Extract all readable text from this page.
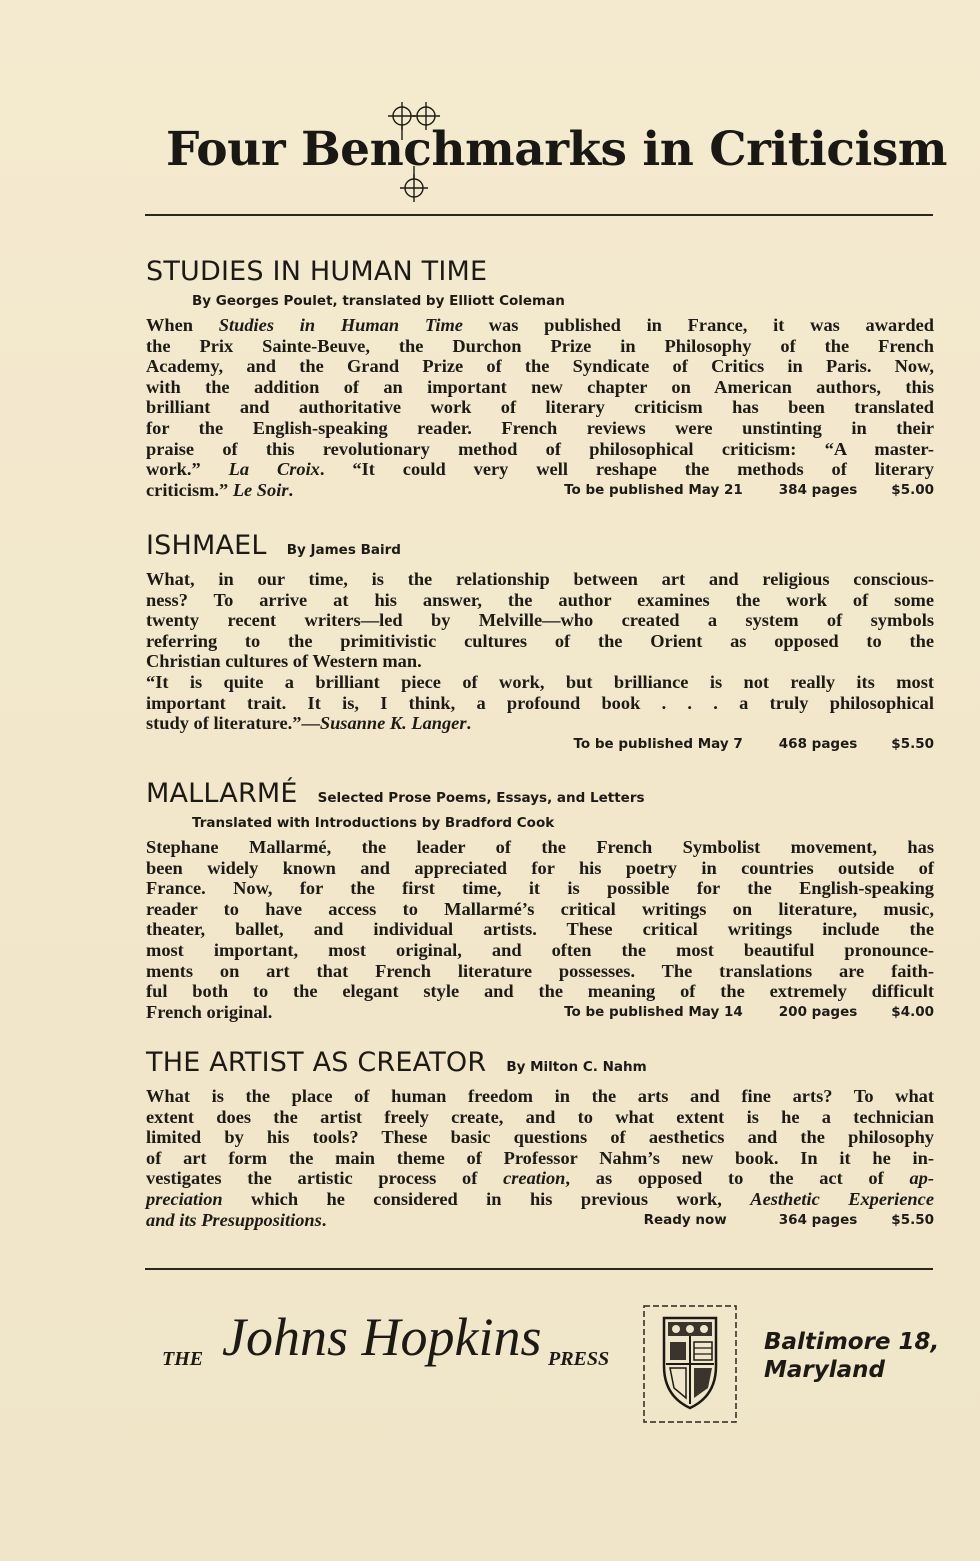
Four Benchmarks in Criticism
STUDIES IN HUMAN TIME
By Georges Poulet, translated by Elliott Coleman
When Studies in Human Time was published in France, it was awarded
the Prix Sainte-Beuve, the Durchon Prize in Philosophy of the French
Academy, and the Grand Prize of the Syndicate of Critics in Paris. Now,
with the addition of an important new chapter on American authors, this
brilliant and authoritative work of literary criticism has been translated
for the English-speaking reader. French reviews were unstinting in their
praise of this revolutionary method of philosophical criticism: “A master-
work.” La Croix. “It could very well reshape the methods of literary
criticism.” Le Soir.	To be published May 21	384 pages	$5.00
ISHMAEL By James Baird
What, in our time, is the relationship between art and religious conscious-
ness? To arrive at his answer, the author examines the work of some
twenty recent writers—led by Melville—who created a system of symbols
referring to the primitivistic cultures of the Orient as opposed to the
Christian cultures of Western man.
“It is quite a brilliant piece of work, but brilliance is not really its most
important trait. It is, I think, a profound book . . . a truly philosophical
study of literature.”—Susanne K. Langer.
To be published May 7	468 pages	$5.50
MALLARMÉ Selected Prose Poems, Essays, and Letters
Translated with Introductions by Bradford Cook
Stephane Mallarmé, the leader of the French Symbolist movement, has
been widely known and appreciated for his poetry in countries outside of
France. Now, for the first time, it is possible for the English-speaking
reader to have access to Mallarmé’s critical writings on literature, music,
theater, ballet, and individual artists. These critical writings include the
most important, most original, and often the most beautiful pronounce-
ments on art that French literature possesses. The translations are faith-
ful both to the elegant style and the meaning of the extremely difficult
French original.	To be published May 14	200 pages	$4.00
THE ARTIST AS CREATOR By Milton C. Nahm
What is the place of human freedom in the arts and fine arts? To what
extent does the artist freely create, and to what extent is he a technician
limited by his tools? These basic questions of aesthetics and the philosophy
of art form the main theme of Professor Nahm’s new book. In it he in-
vestigates the artistic process of creation, as opposed to the act of ap-
preciation which he considered in his previous work, Aesthetic Experience
and its Presuppositions.	Ready now	364 pages	$5.50
THE Johns Hopkins PRESS
Baltimore 18,
Maryland
